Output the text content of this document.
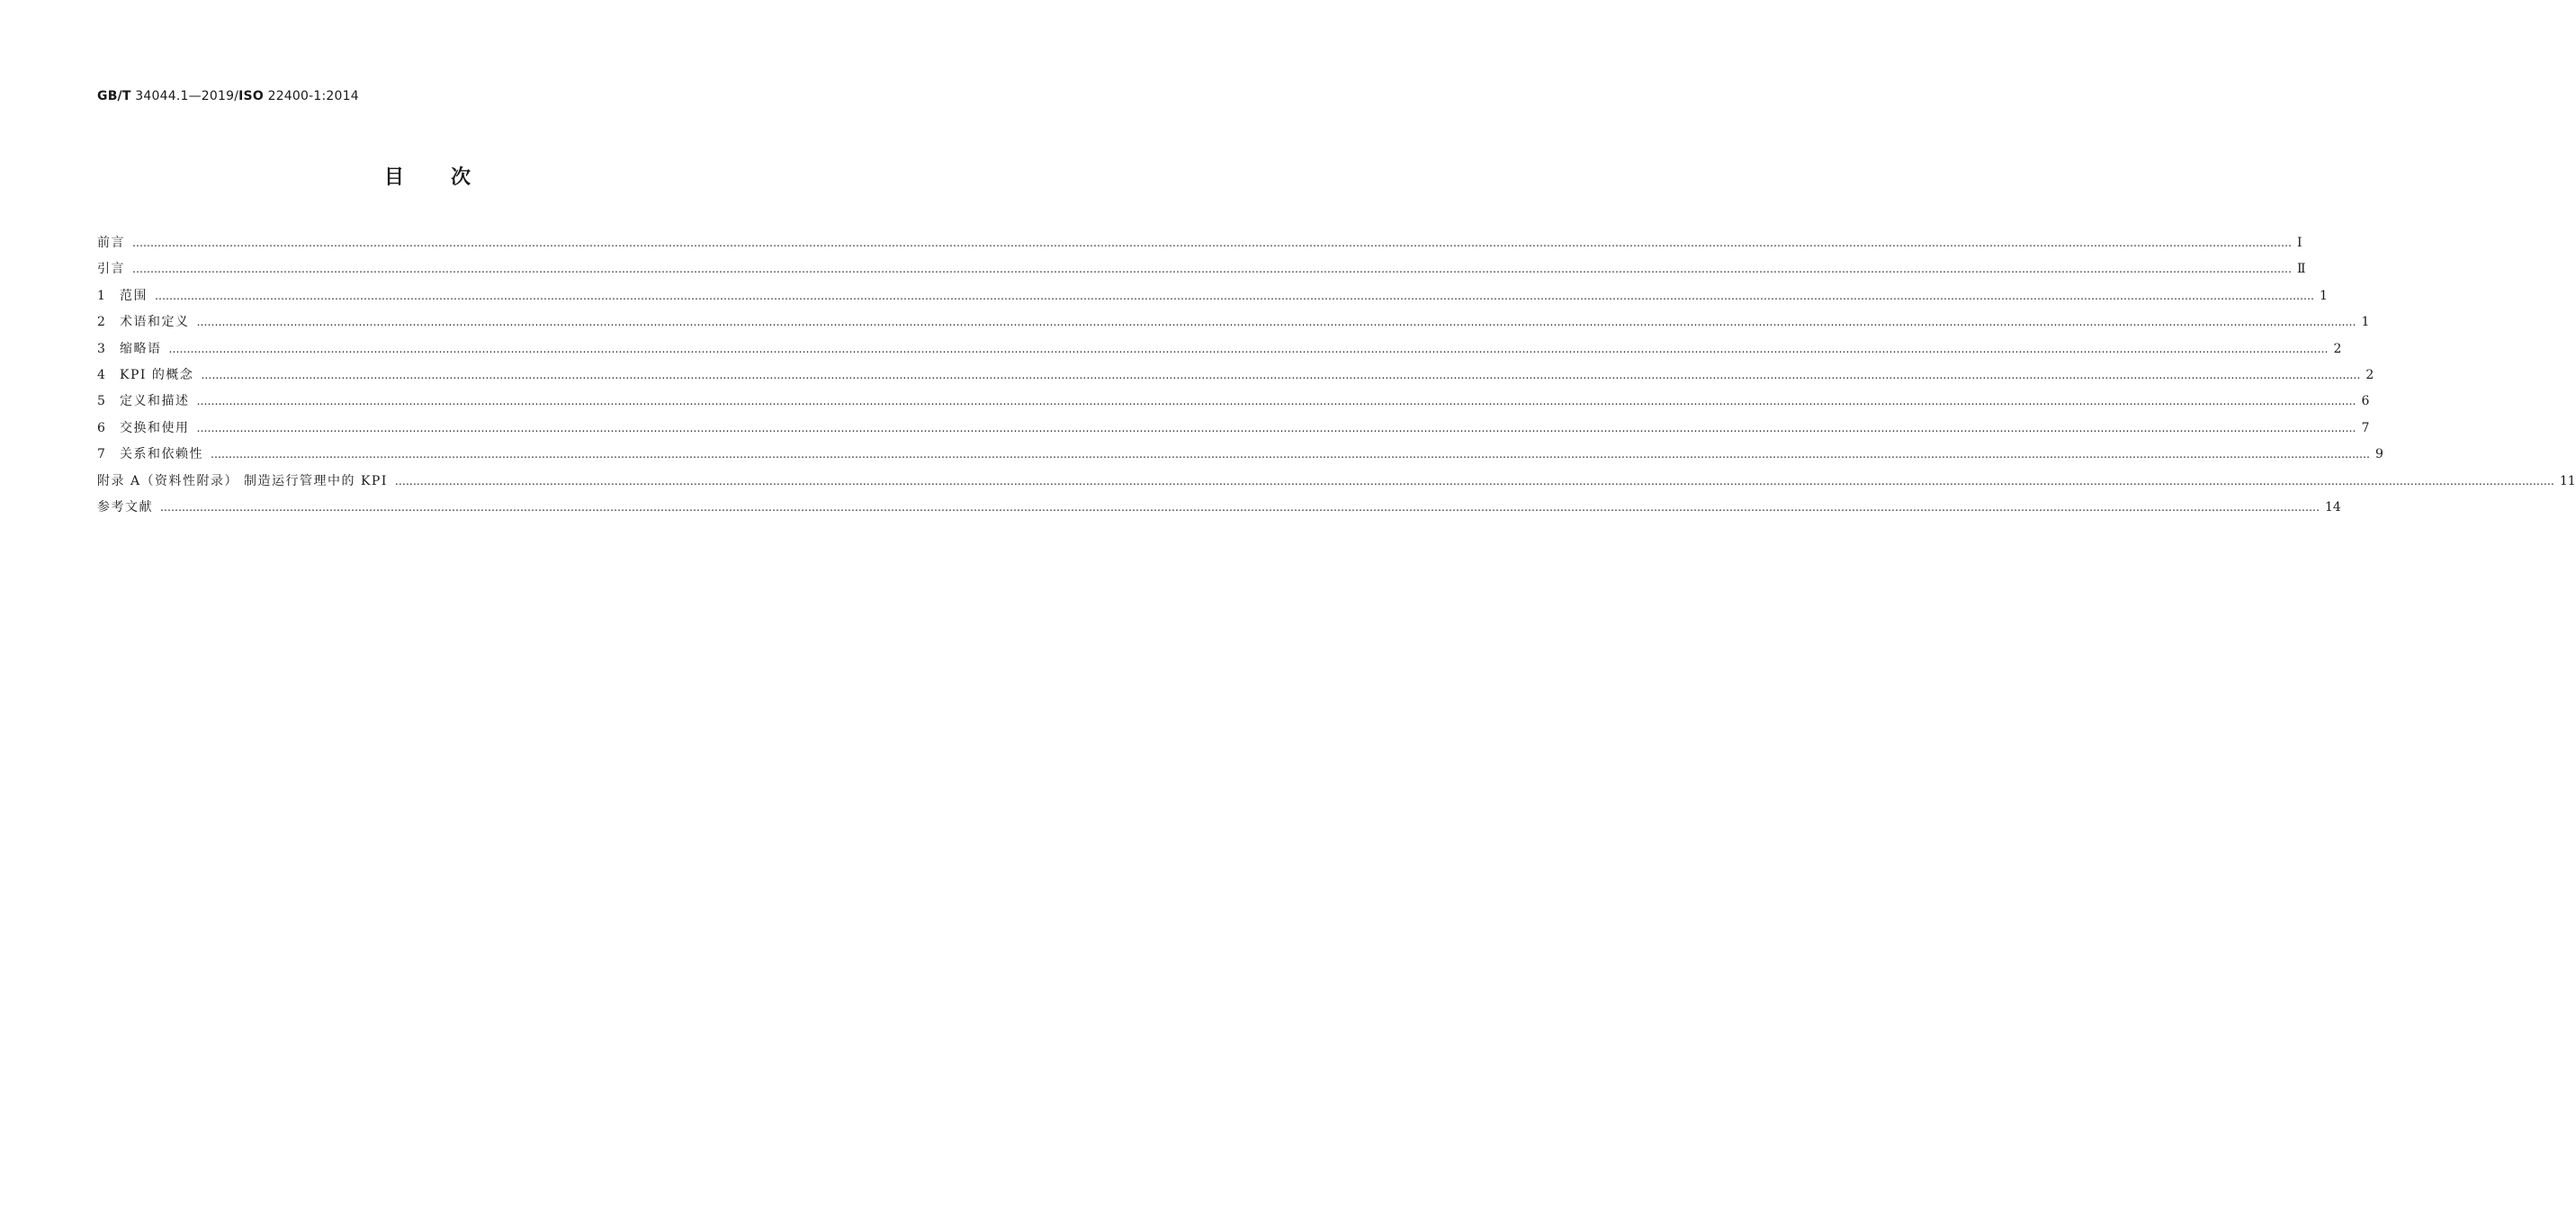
GB/T 34044.1—2019/ISO 22400-1:2014
目 次
前言 …………………………………………………………………………………………………………………………………………………………………………………………………………………………………………………………………………………………………………………………………………………………………………………………………………………………………………………………………………………………………………………………………………………… Ⅰ
引言 …………………………………………………………………………………………………………………………………………………………………………………………………………………………………………………………………………………………………………………………………………………………………………………………………………………………………………………………………………………………………………………………………………………… Ⅱ
1	范围 …………………………………………………………………………………………………………………………………………………………………………………………………………………………………………………………………………………………………………………………………………………………………………………………………………………………………………………………………………………………………………………………………………………… 1
2	术语和定义 …………………………………………………………………………………………………………………………………………………………………………………………………………………………………………………………………………………………………………………………………………………………………………………………………………………………………………………………………………………………………………………………………………………… 1
3	缩略语 …………………………………………………………………………………………………………………………………………………………………………………………………………………………………………………………………………………………………………………………………………………………………………………………………………………………………………………………………………………………………………………………………………………… 2
4	KPI 的概念 …………………………………………………………………………………………………………………………………………………………………………………………………………………………………………………………………………………………………………………………………………………………………………………………………………………………………………………………………………………………………………………………………………………… 2
5	定义和描述 …………………………………………………………………………………………………………………………………………………………………………………………………………………………………………………………………………………………………………………………………………………………………………………………………………………………………………………………………………………………………………………………………………………… 6
6	交换和使用 …………………………………………………………………………………………………………………………………………………………………………………………………………………………………………………………………………………………………………………………………………………………………………………………………………………………………………………………………………………………………………………………………………………… 7
7	关系和依赖性 …………………………………………………………………………………………………………………………………………………………………………………………………………………………………………………………………………………………………………………………………………………………………………………………………………………………………………………………………………………………………………………………………………………… 9
附录 A（资料性附录） 制造运行管理中的 KPI …………………………………………………………………………………………………………………………………………………………………………………………………………………………………………………………………………………………………………………………………………………………………………………………………………………………………………………………………………………………………………………………………………………… 11
参考文献 …………………………………………………………………………………………………………………………………………………………………………………………………………………………………………………………………………………………………………………………………………………………………………………………………………………………………………………………………………………………………………………………………………………… 14
